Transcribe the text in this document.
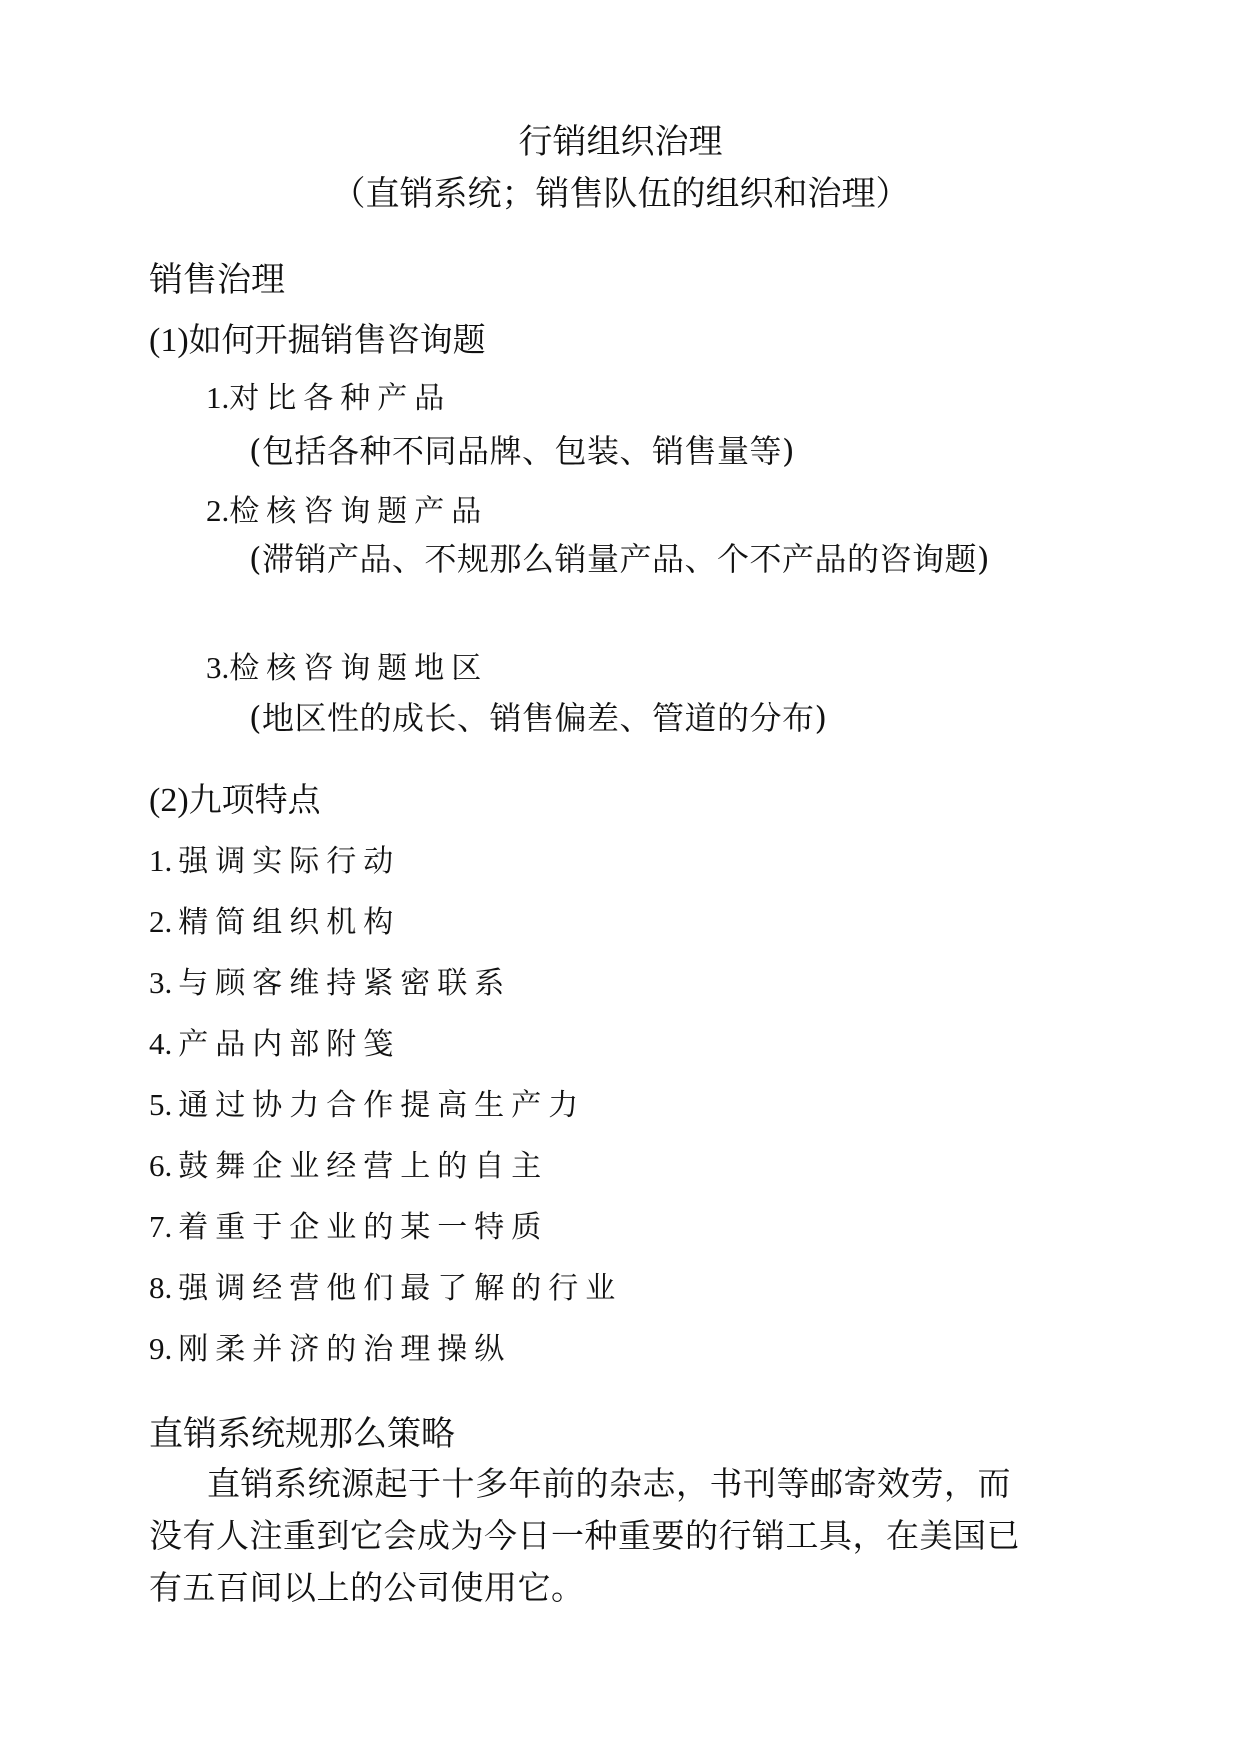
行销组织治理
（直销系统；销售队伍的组织和治理）
销售治理
(1)如何开掘销售咨询题
1.对比各种产品
(包括各种不同品牌、包装、销售量等)
2.检核咨询题产品
(滞销产品、不规那么销量产品、个不产品的咨询题)
3.检核咨询题地区
(地区性的成长、销售偏差、管道的分布)
(2)九项特点
1. 强调实际行动
2. 精简组织机构
3. 与顾客维持紧密联系
4. 产品内部附笺
5. 通过协力合作提高生产力
6. 鼓舞企业经营上的自主
7. 着重于企业的某一特质
8. 强调经营他们最了解的行业
9. 刚柔并济的治理操纵
直销系统规那么策略
直销系统源起于十多年前的杂志，书刊等邮寄效劳，而没有人注重到它会成为今日一种重要的行销工具，在美国已有五百间以上的公司使用它。
